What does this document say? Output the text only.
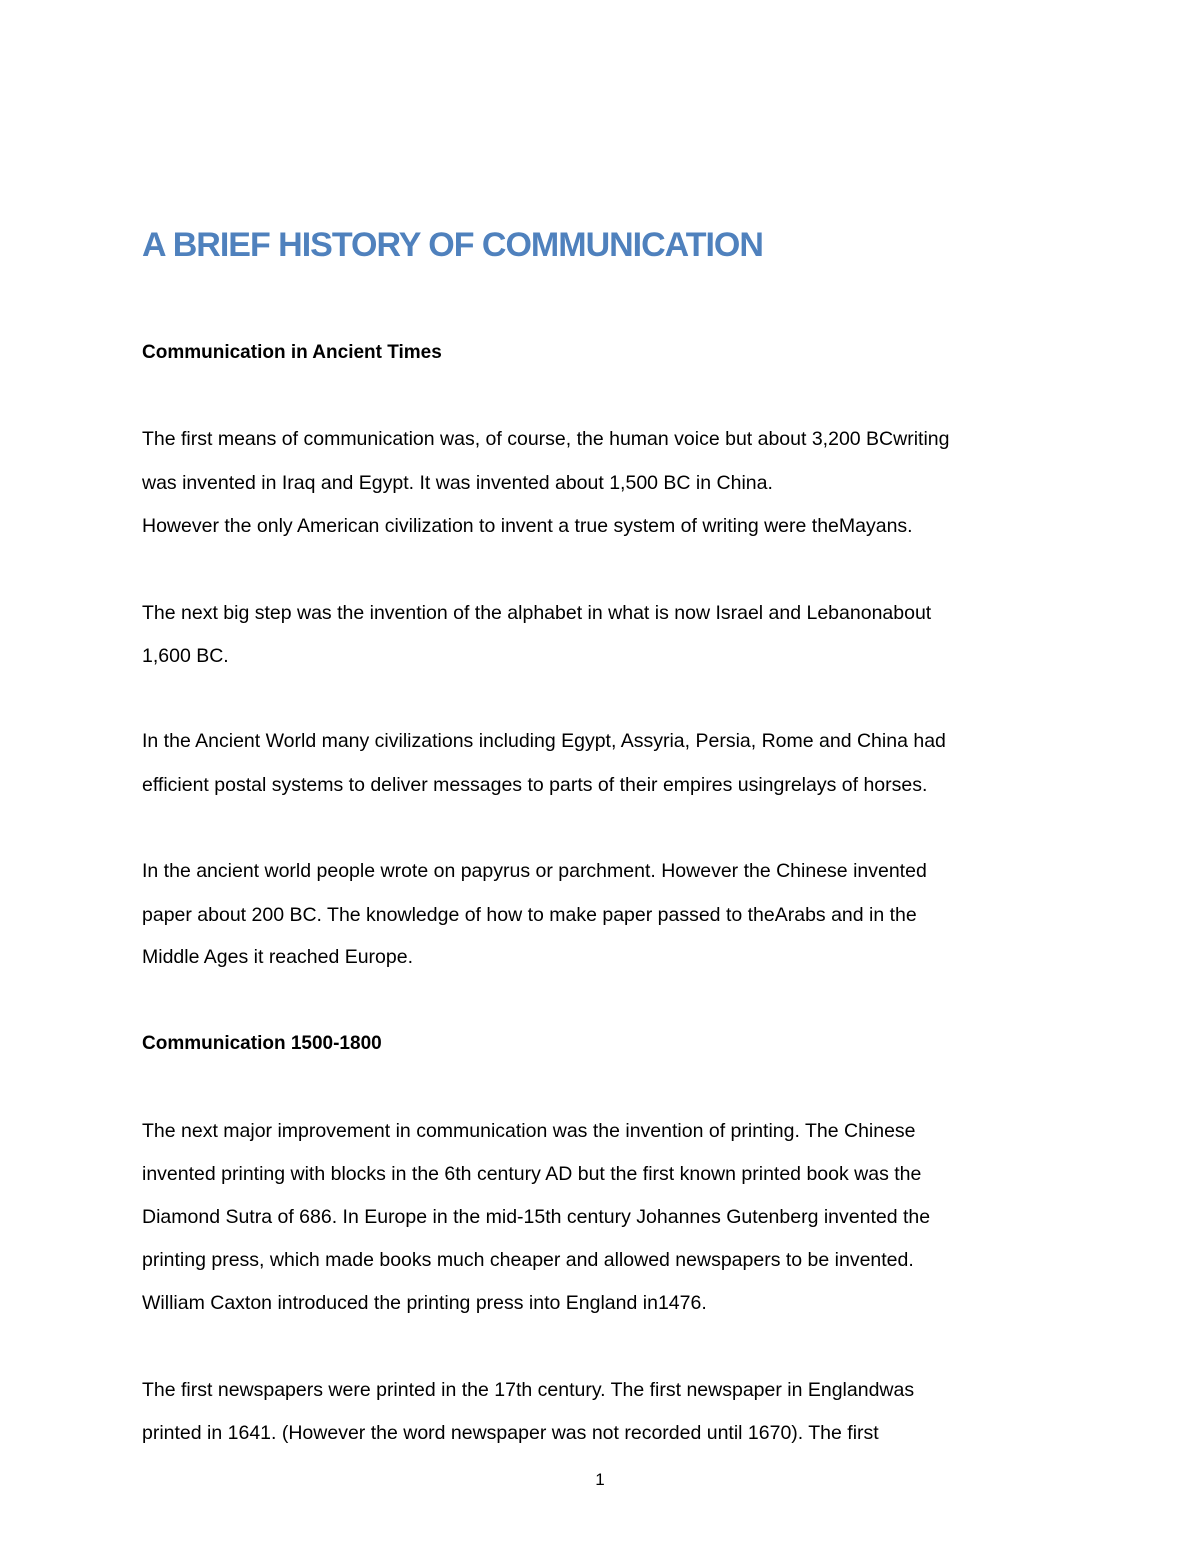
A BRIEF HISTORY OF COMMUNICATION
Communication in Ancient Times

The first means of communication was, of course, the human voice but about 3,200 BCwriting

was invented in Iraq and Egypt. It was invented about 1,500 BC in China.

However the only American civilization to invent a true system of writing were theMayans.

The next big step was the invention of the alphabet in what is now Israel and Lebanonabout

1,600 BC.

In the Ancient World many civilizations including Egypt, Assyria, Persia, Rome and China had

efficient postal systems to deliver messages to parts of their empires usingrelays of horses.

In the ancient world people wrote on papyrus or parchment. However the Chinese invented

paper about 200 BC. The knowledge of how to make paper passed to theArabs and in the

Middle Ages it reached Europe.

Communication 1500-1800

The next major improvement in communication was the invention of printing. The Chinese

invented printing with blocks in the 6th century AD but the first known printed book was the

Diamond Sutra of 686. In Europe in the mid-15th century Johannes Gutenberg invented the

printing press, which made books much cheaper and allowed newspapers to be invented.

William Caxton introduced the printing press into England in1476.

The first newspapers were printed in the 17th century. The first newspaper in Englandwas

printed in 1641. (However the word newspaper was not recorded until 1670). The first

1
